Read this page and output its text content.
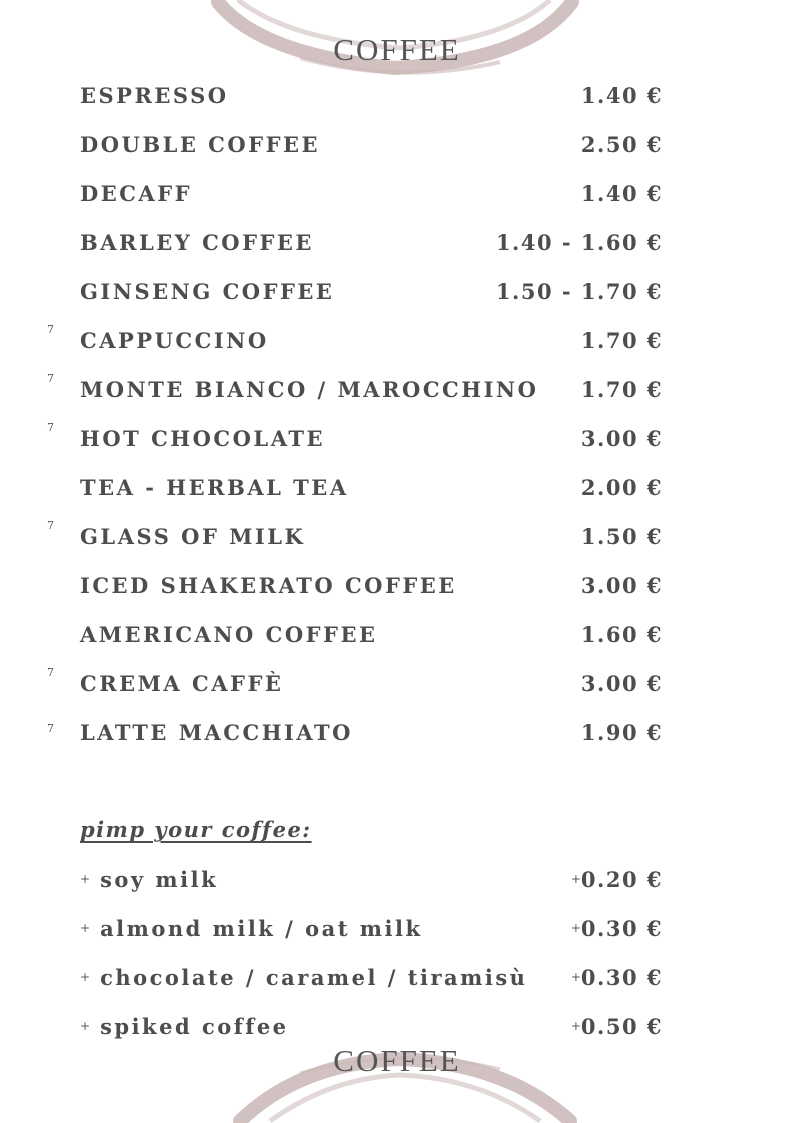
COFFEE
ESPRESSO	1.40 €
DOUBLE COFFEE	2.50 €
DECAFF	1.40 €
BARLEY COFFEE	1.40 - 1.60 €
GINSENG COFFEE	1.50 - 1.70 €
7 CAPPUCCINO	1.70 €
7 MONTE BIANCO / MAROCCHINO 1.70 €
7 HOT CHOCOLATE	3.00 €
TEA - HERBAL TEA	2.00 €
7 GLASS OF MILK	1.50 €
ICED SHAKERATO COFFEE	3.00 €
AMERICANO COFFEE	1.60 €
7 CREMA CAFFÈ	3.00 €
7 LATTE MACCHIATO	1.90 €
pimp your coffee:
+ soy milk	+ 0.20 €
+ almond milk / oat milk	+ 0.30 €
+ chocolate / caramel / tiramisù	+ 0.30 €
+ spiked coffee	+ 0.50 €
COFFEE
